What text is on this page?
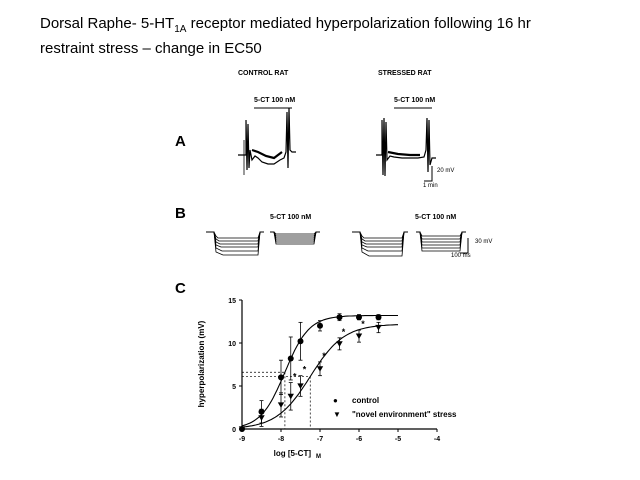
Dorsal Raphe- $5-HT_{1A}$ receptor mediated hyperpolarization following 16 hr
restraint stress – change in EC50
CONTROL RAT	STRESSED RAT
5-CT 100 nM	5-CT 100 nM
A
20 mV
1 min
B	5-CT 100 nM	5-CT 100 nM
30 mV
100 ms
C
-9	-8	-7	-6	-5	-4
0
5
10
15
*
*
*
*
*
hyperpolarization (mV)
log [5-CT] M
● control
▼ "novel environment" stress
